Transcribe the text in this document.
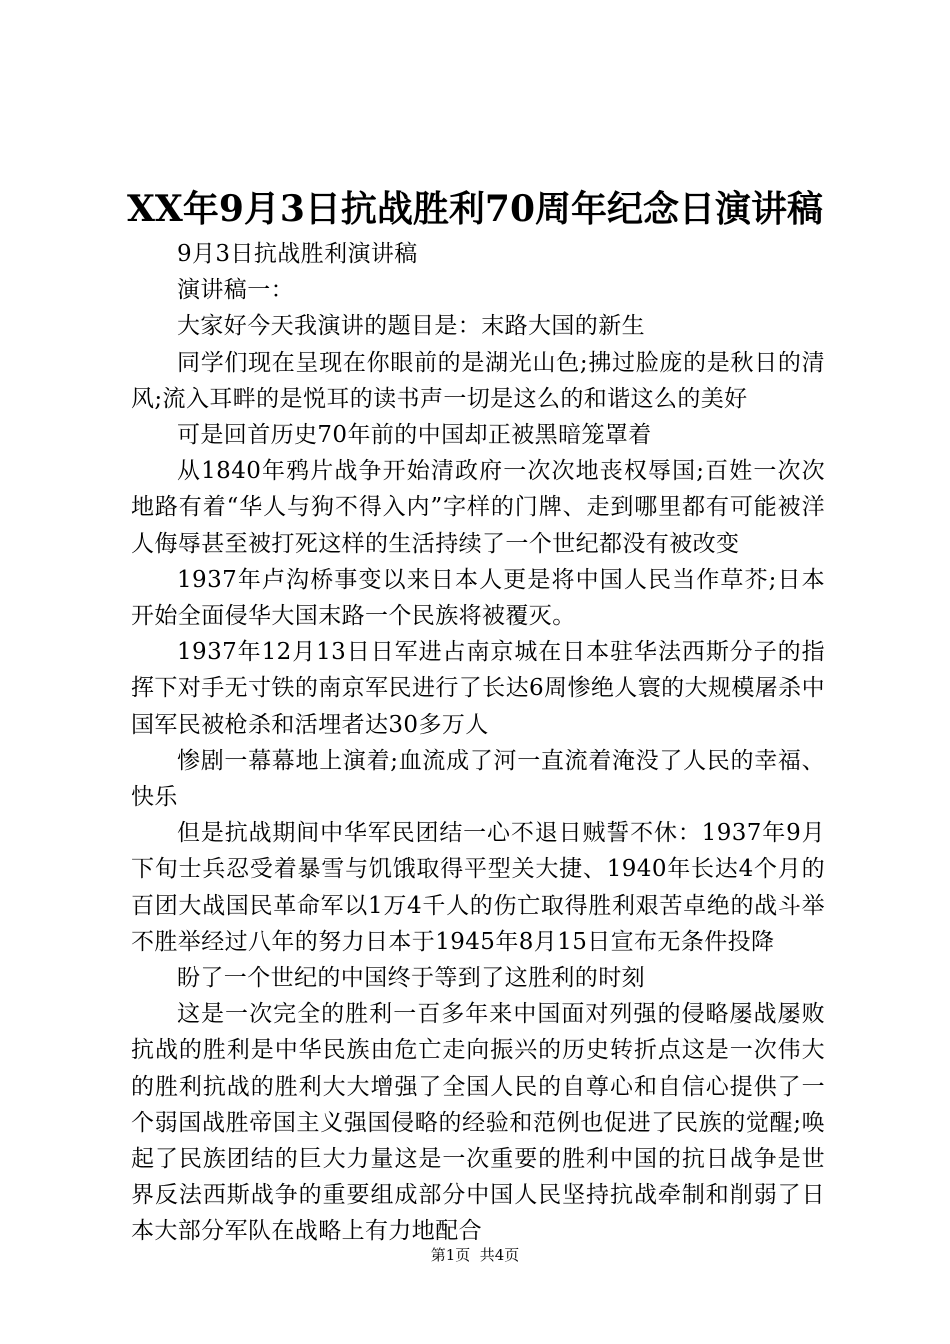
XX年9月3日抗战胜利70周年纪念日演讲稿

9月3日抗战胜利演讲稿

演讲稿一：

大家好今天我演讲的题目是：末路大国的新生

同学们现在呈现在你眼前的是湖光山色;拂过脸庞的是秋日的清风;流入耳畔的是悦耳的读书声一切是这么的和谐这么的美好

可是回首历史70年前的中国却正被黑暗笼罩着

从1840年鸦片战争开始清政府一次次地丧权辱国;百姓一次次地路有着“华人与狗不得入内”字样的门牌、走到哪里都有可能被洋人侮辱甚至被打死这样的生活持续了一个世纪都没有被改变

1937年卢沟桥事变以来日本人更是将中国人民当作草芥;日本开始全面侵华大国末路一个民族将被覆灭。

1937年12月13日日军进占南京城在日本驻华法西斯分子的指挥下对手无寸铁的南京军民进行了长达6周惨绝人寰的大规模屠杀中国军民被枪杀和活埋者达30多万人

惨剧一幕幕地上演着;血流成了河一直流着淹没了人民的幸福、快乐

但是抗战期间中华军民团结一心不退日贼誓不休：1937年9月下旬士兵忍受着暴雪与饥饿取得平型关大捷、1940年长达4个月的百团大战国民革命军以1万4千人的伤亡取得胜利艰苦卓绝的战斗举不胜举经过八年的努力日本于1945年8月15日宣布无条件投降

盼了一个世纪的中国终于等到了这胜利的时刻

这是一次完全的胜利一百多年来中国面对列强的侵略屡战屡败抗战的胜利是中华民族由危亡走向振兴的历史转折点这是一次伟大的胜利抗战的胜利大大增强了全国人民的自尊心和自信心提供了一个弱国战胜帝国主义强国侵略的经验和范例也促进了民族的觉醒;唤起了民族团结的巨大力量这是一次重要的胜利中国的抗日战争是世界反法西斯战争的重要组成部分中国人民坚持抗战牵制和削弱了日本大部分军队在战略上有力地配合

第1页  共4页
